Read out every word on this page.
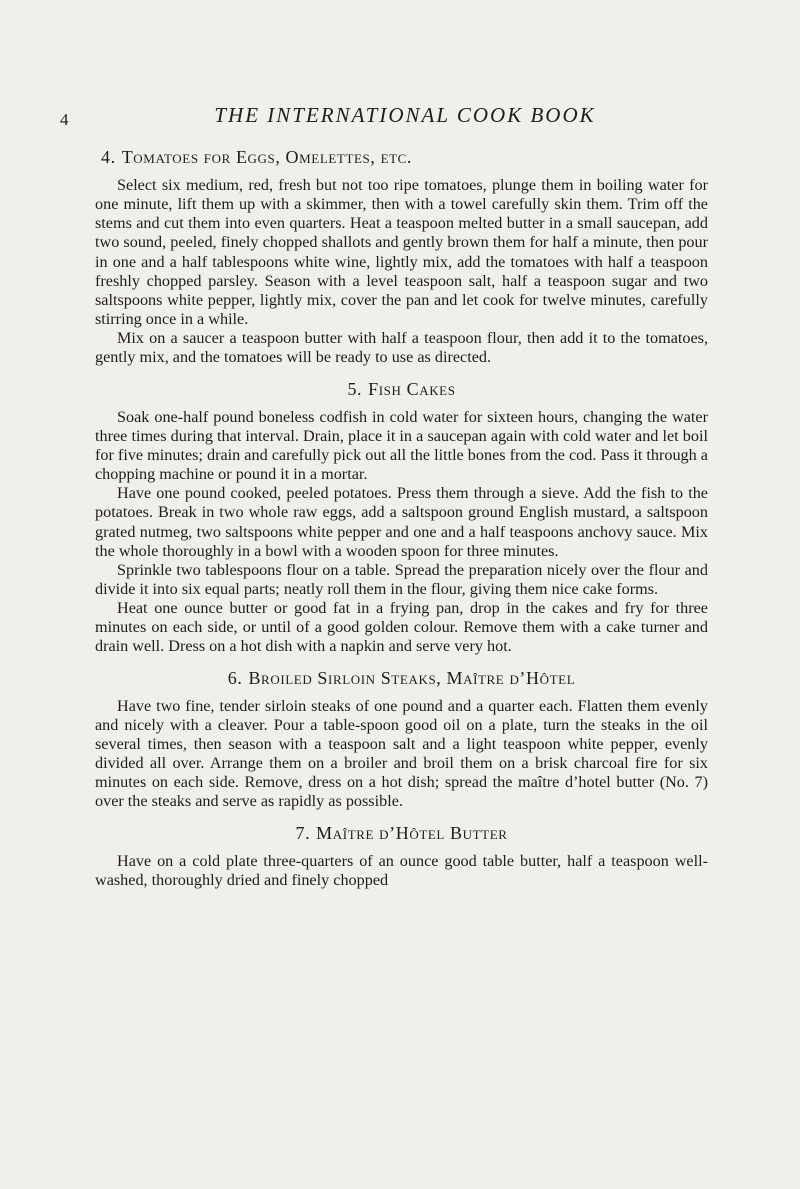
4	THE INTERNATIONAL COOK BOOK
4. Tomatoes for Eggs, Omelettes, etc.

Select six medium, red, fresh but not too ripe tomatoes, plunge them in boiling water for one minute, lift them up with a skimmer, then with a towel carefully skin them. Trim off the stems and cut them into even quarters. Heat a teaspoon melted butter in a small saucepan, add two sound, peeled, finely chopped shallots and gently brown them for half a minute, then pour in one and a half tablespoons white wine, lightly mix, add the tomatoes with half a teaspoon freshly chopped parsley. Season with a level teaspoon salt, half a teaspoon sugar and two saltspoons white pepper, lightly mix, cover the pan and let cook for twelve minutes, carefully stirring once in a while.

Mix on a saucer a teaspoon butter with half a teaspoon flour, then add it to the tomatoes, gently mix, and the tomatoes will be ready to use as directed.

5. Fish Cakes

Soak one-half pound boneless codfish in cold water for sixteen hours, changing the water three times during that interval. Drain, place it in a saucepan again with cold water and let boil for five minutes; drain and carefully pick out all the little bones from the cod. Pass it through a chopping machine or pound it in a mortar.

Have one pound cooked, peeled potatoes. Press them through a sieve. Add the fish to the potatoes. Break in two whole raw eggs, add a saltspoon ground English mustard, a saltspoon grated nutmeg, two saltspoons white pepper and one and a half teaspoons anchovy sauce. Mix the whole thoroughly in a bowl with a wooden spoon for three minutes.

Sprinkle two tablespoons flour on a table. Spread the preparation nicely over the flour and divide it into six equal parts; neatly roll them in the flour, giving them nice cake forms.

Heat one ounce butter or good fat in a frying pan, drop in the cakes and fry for three minutes on each side, or until of a good golden colour. Remove them with a cake turner and drain well. Dress on a hot dish with a napkin and serve very hot.

6. Broiled Sirloin Steaks, Maître d’Hôtel

Have two fine, tender sirloin steaks of one pound and a quarter each. Flatten them evenly and nicely with a cleaver. Pour a table-spoon good oil on a plate, turn the steaks in the oil several times, then season with a teaspoon salt and a light teaspoon white pepper, evenly divided all over. Arrange them on a broiler and broil them on a brisk charcoal fire for six minutes on each side. Remove, dress on a hot dish; spread the maître d’hotel butter (No. 7) over the steaks and serve as rapidly as possible.

7. Maître d’Hôtel Butter

Have on a cold plate three-quarters of an ounce good table butter, half a teaspoon well-washed, thoroughly dried and finely chopped
